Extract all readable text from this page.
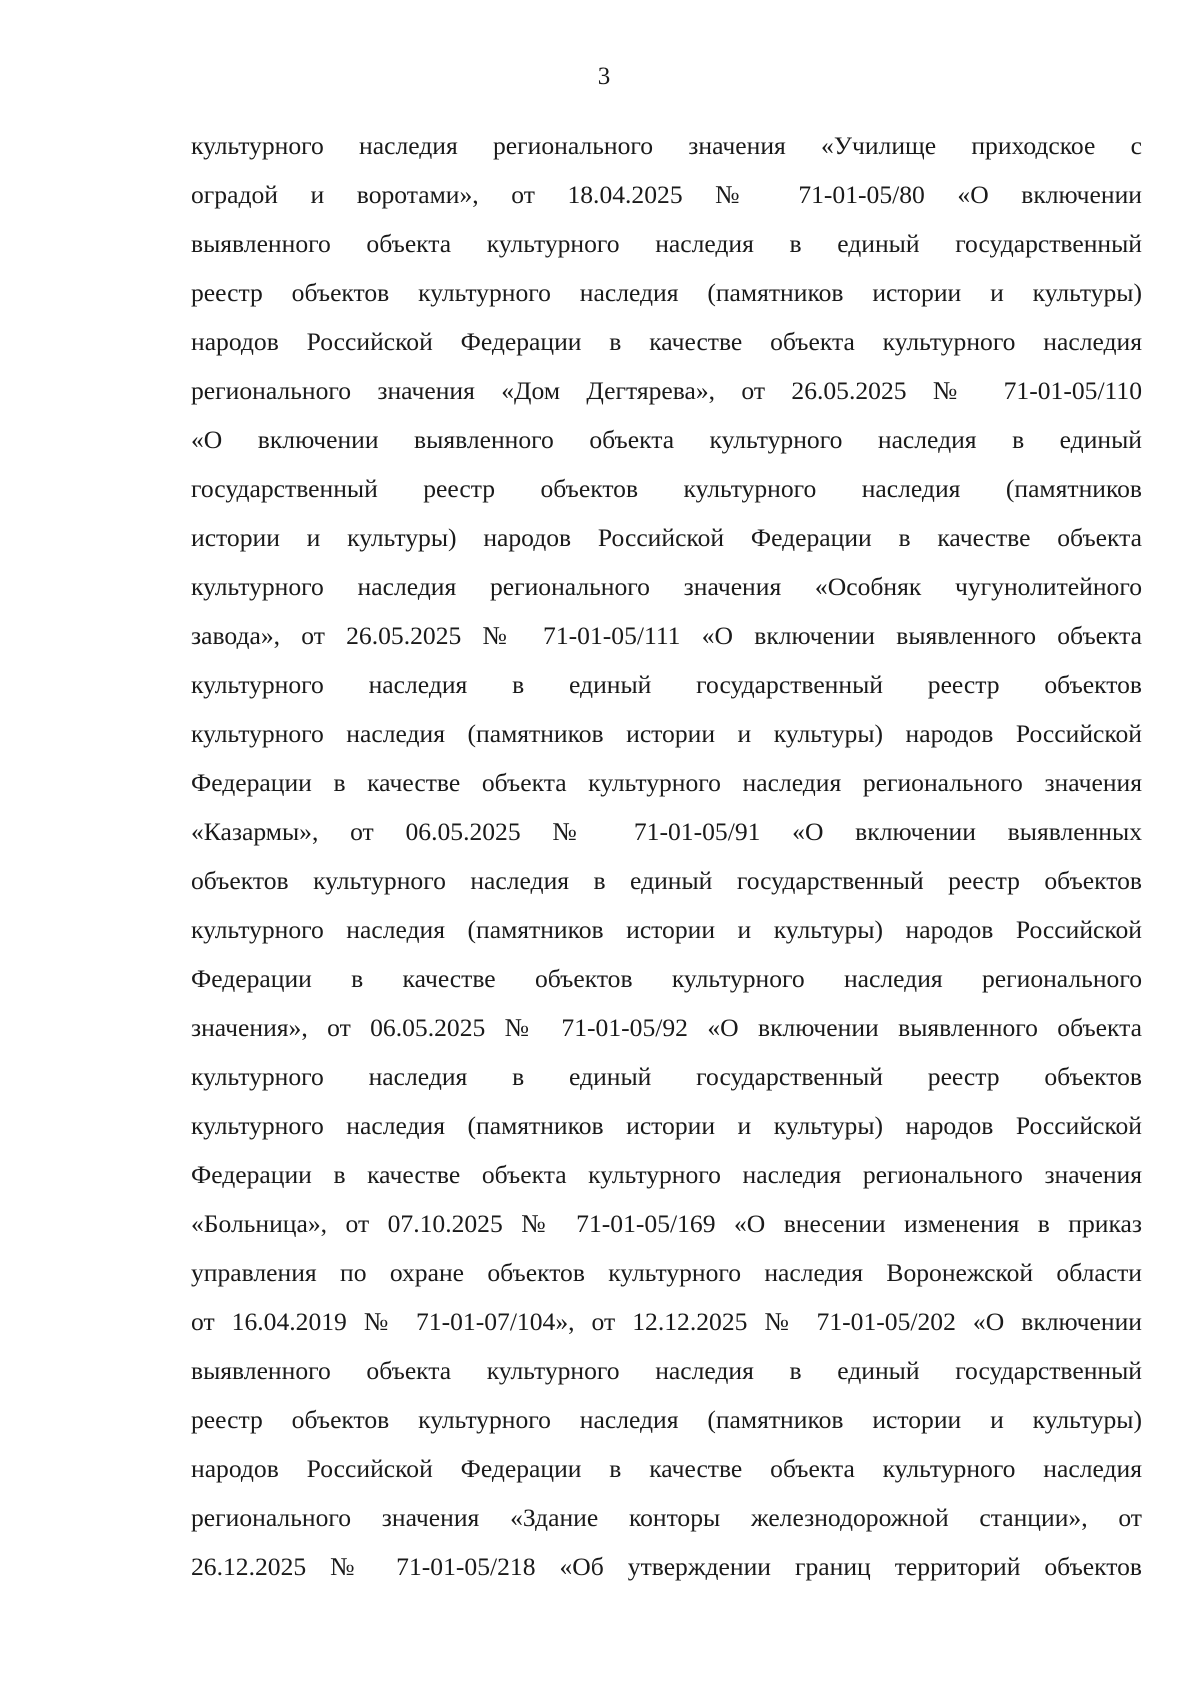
3
культурного наследия регионального значения «Училище приходское с
оградой и воротами», от 18.04.2025 № 71-01-05/80 «О включении
выявленного объекта культурного наследия в единый государственный
реестр объектов культурного наследия (памятников истории и культуры)
народов Российской Федерации в качестве объекта культурного наследия
регионального значения «Дом Дегтярева», от 26.05.2025 № 71-01-05/110
«О включении выявленного объекта культурного наследия в единый
государственный реестр объектов культурного наследия (памятников
истории и культуры) народов Российской Федерации в качестве объекта
культурного наследия регионального значения «Особняк чугунолитейного
завода», от 26.05.2025 № 71-01-05/111 «О включении выявленного объекта
культурного наследия в единый государственный реестр объектов
культурного наследия (памятников истории и культуры) народов Российской
Федерации в качестве объекта культурного наследия регионального значения
«Казармы», от 06.05.2025 № 71-01-05/91 «О включении выявленных
объектов культурного наследия в единый государственный реестр объектов
культурного наследия (памятников истории и культуры) народов Российской
Федерации в качестве объектов культурного наследия регионального
значения», от 06.05.2025 № 71-01-05/92 «О включении выявленного объекта
культурного наследия в единый государственный реестр объектов
культурного наследия (памятников истории и культуры) народов Российской
Федерации в качестве объекта культурного наследия регионального значения
«Больница», от 07.10.2025 № 71-01-05/169 «О внесении изменения в приказ
управления по охране объектов культурного наследия Воронежской области
от 16.04.2019 № 71-01-07/104», от 12.12.2025 № 71-01-05/202 «О включении
выявленного объекта культурного наследия в единый государственный
реестр объектов культурного наследия (памятников истории и культуры)
народов Российской Федерации в качестве объекта культурного наследия
регионального значения «Здание конторы железнодорожной станции», от
26.12.2025 № 71-01-05/218 «Об утверждении границ территорий объектов
